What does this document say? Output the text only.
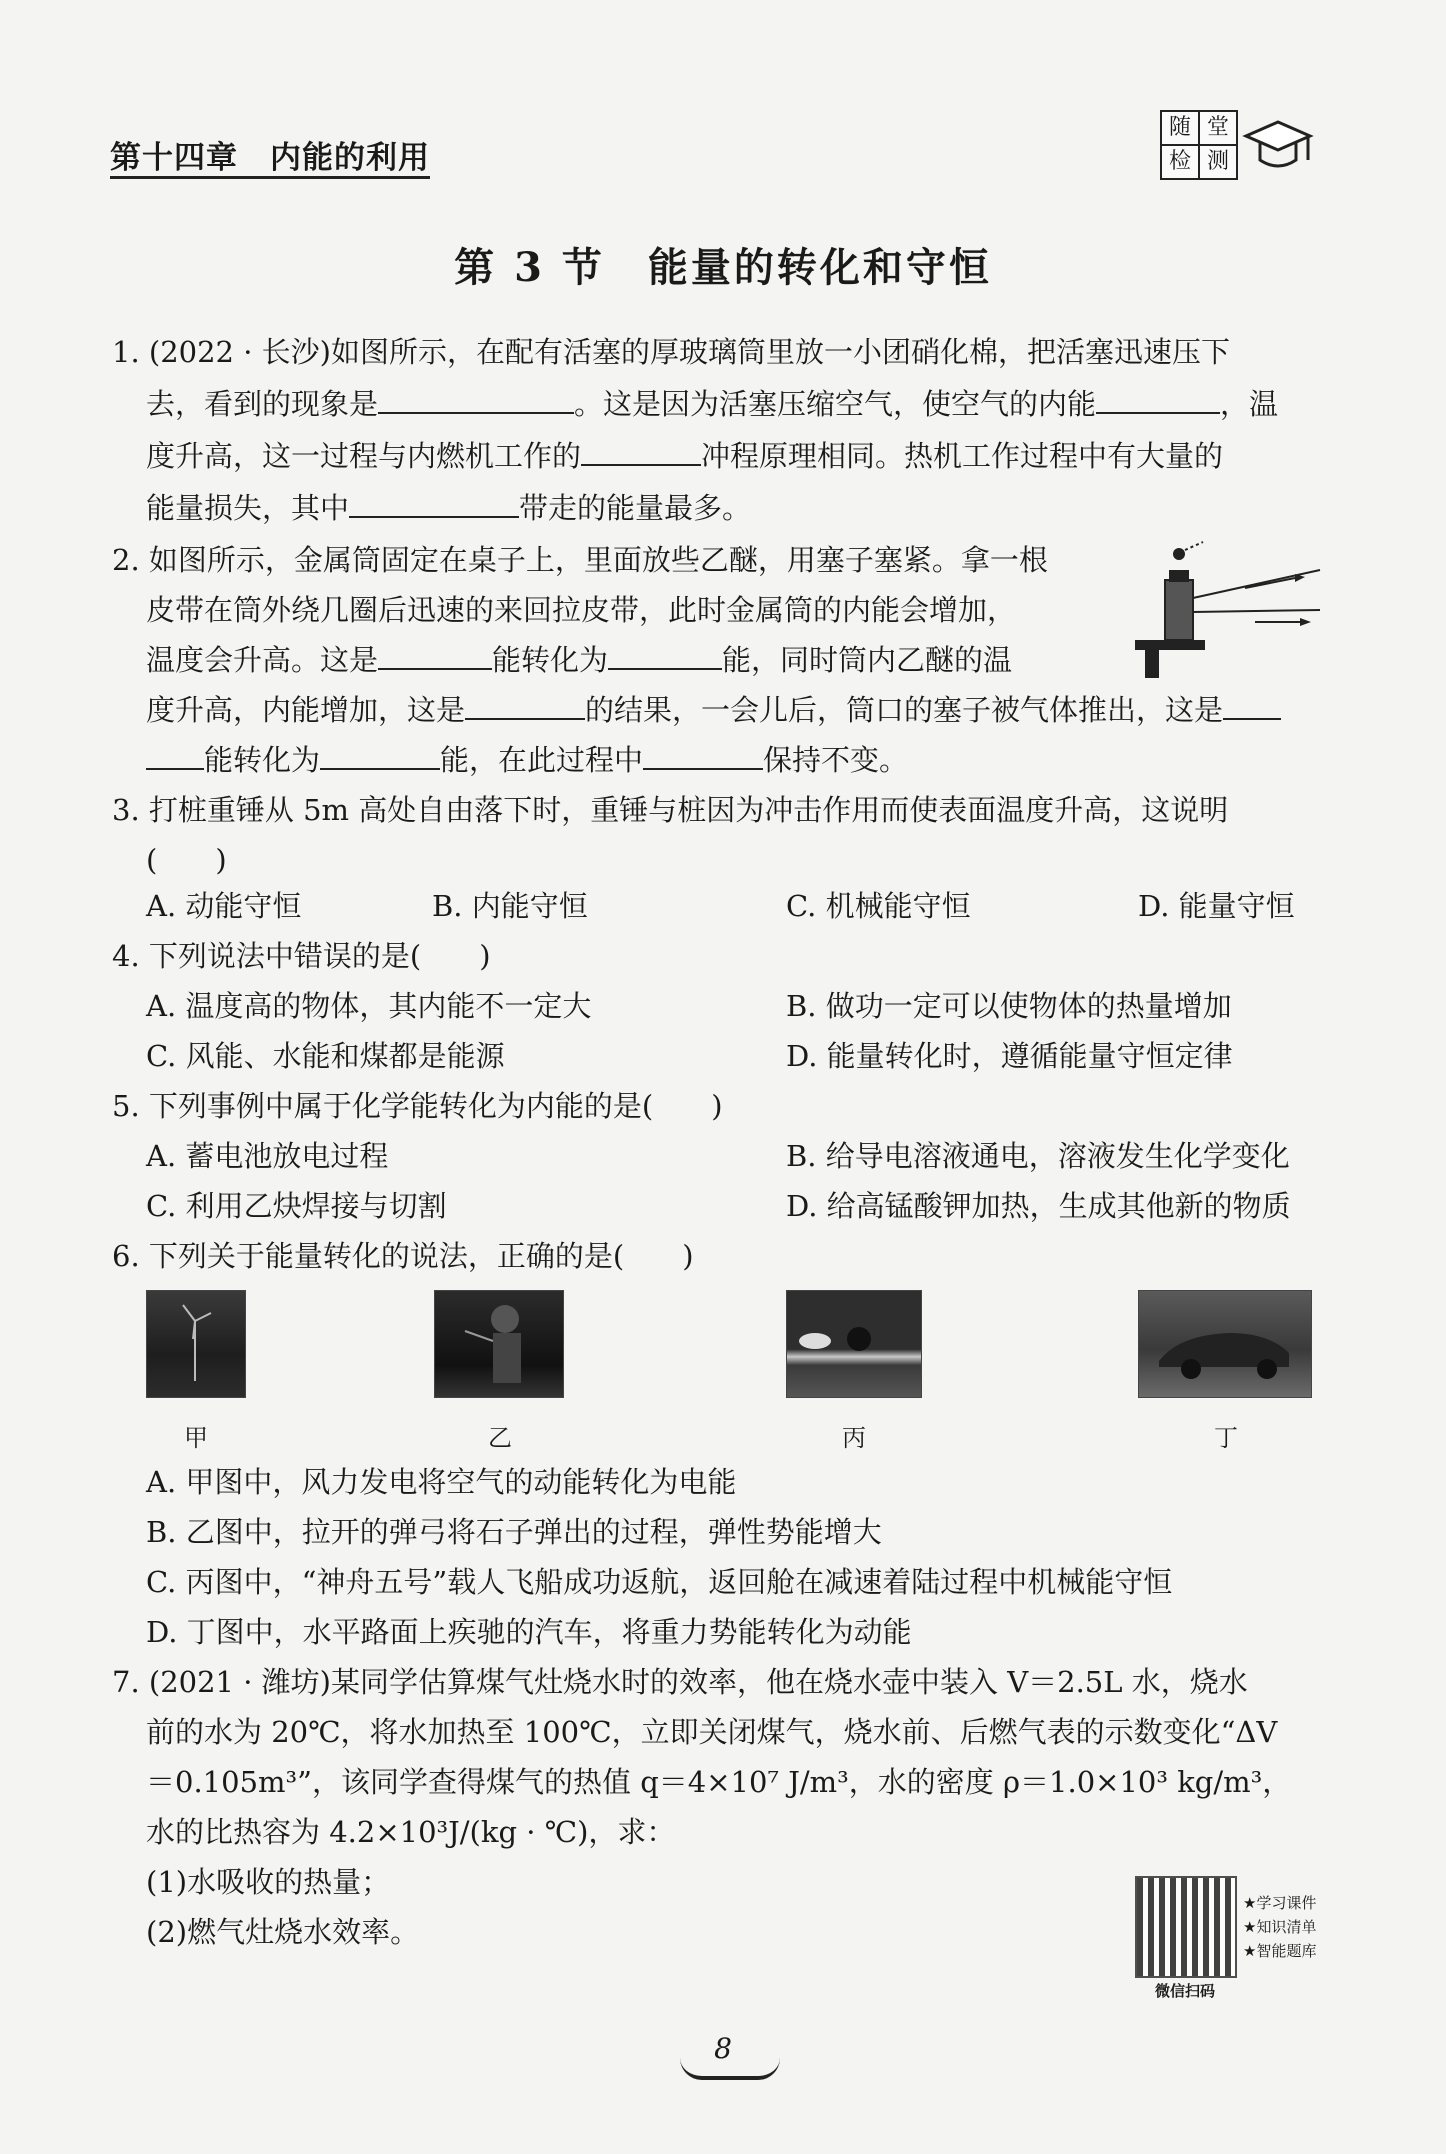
第十四章　内能的利用
随 堂
检 测
第 3 节　能量的转化和守恒
1. (2022 · 长沙)如图所示，在配有活塞的厚玻璃筒里放一小团硝化棉，把活塞迅速压下
去，看到的现象是	。这是因为活塞压缩空气，使空气的内能	，温
度升高，这一过程与内燃机工作的	冲程原理相同。热机工作过程中有大量的
能量损失，其中	带走的能量最多。
2. 如图所示，金属筒固定在桌子上，里面放些乙醚，用塞子塞紧。拿一根
皮带在筒外绕几圈后迅速的来回拉皮带，此时金属筒的内能会增加，
温度会升高。这是	能转化为	能，同时筒内乙醚的温
度升高，内能增加，这是	的结果，一会儿后，筒口的塞子被气体推出，这是
能转化为	能，在此过程中	保持不变。
3. 打桩重锤从 5m 高处自由落下时，重锤与桩因为冲击作用而使表面温度升高，这说明
(　　)
A. 动能守恒	B. 内能守恒	C. 机械能守恒	D. 能量守恒
4. 下列说法中错误的是(　　)
A. 温度高的物体，其内能不一定大	B. 做功一定可以使物体的热量增加
C. 风能、水能和煤都是能源	D. 能量转化时，遵循能量守恒定律
5. 下列事例中属于化学能转化为内能的是(　　)
A. 蓄电池放电过程	B. 给导电溶液通电，溶液发生化学变化
C. 利用乙炔焊接与切割	D. 给高锰酸钾加热，生成其他新的物质
6. 下列关于能量转化的说法，正确的是(　　)
甲	乙	丙	丁
A. 甲图中，风力发电将空气的动能转化为电能
B. 乙图中，拉开的弹弓将石子弹出的过程，弹性势能增大
C. 丙图中，“神舟五号”载人飞船成功返航，返回舱在减速着陆过程中机械能守恒
D. 丁图中，水平路面上疾驰的汽车，将重力势能转化为动能
7. (2021 · 潍坊)某同学估算煤气灶烧水时的效率，他在烧水壶中装入 V＝2.5L 水，烧水
前的水为 20℃，将水加热至 100℃，立即关闭煤气，烧水前、后燃气表的示数变化“ΔV
＝0.105m³”，该同学查得煤气的热值 q＝4×10⁷ J/m³，水的密度 ρ＝1.0×10³ kg/m³，
水的比热容为 4.2×10³J/(kg · ℃)，求：
(1)水吸收的热量；
(2)燃气灶烧水效率。
★学习课件
★知识清单
★智能题库
微信扫码
8
